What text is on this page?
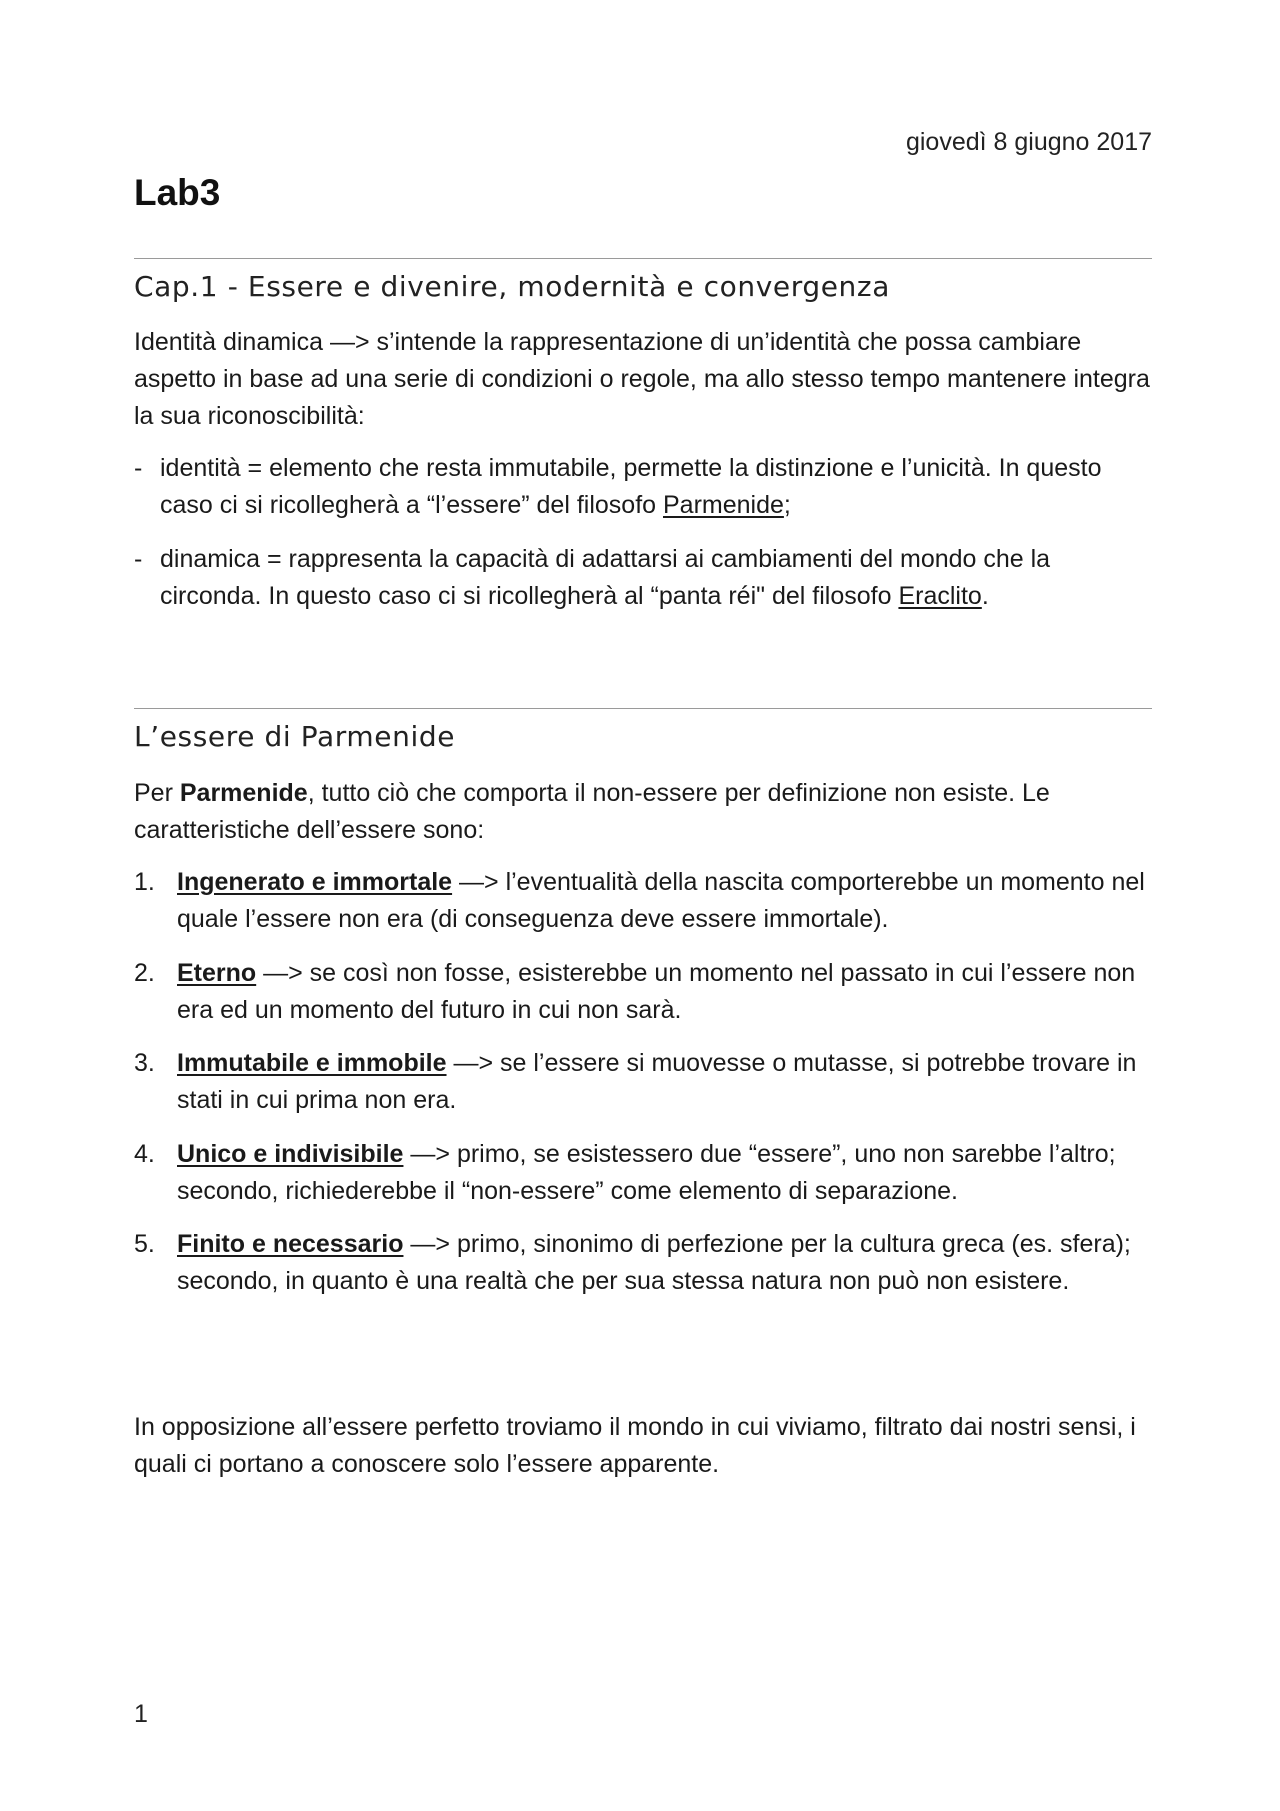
giovedì 8 giugno 2017
Lab3
Cap.1 - Essere e divenire, modernità e convergenza

Identità dinamica —> s’intende la rappresentazione di un’identità che possa cambiare aspetto in base ad una serie di condizioni o regole, ma allo stesso tempo mantenere integra la sua riconoscibilità:

- identità = elemento che resta immutabile, permette la distinzione e l’unicità. In questo caso ci si ricollegherà a “l’essere” del filosofo Parmenide;
- dinamica = rappresenta la capacità di adattarsi ai cambiamenti del mondo che la circonda. In questo caso ci si ricollegherà al “panta réi" del filosofo Eraclito.
L’essere di Parmenide

Per Parmenide, tutto ciò che comporta il non-essere per definizione non esiste. Le caratteristiche dell’essere sono:

1. Ingenerato e immortale —> l’eventualità della nascita comporterebbe un momento nel quale l’essere non era (di conseguenza deve essere immortale).
2. Eterno —> se così non fosse, esisterebbe un momento nel passato in cui l’essere non era ed un momento del futuro in cui non sarà.
3. Immutabile e immobile —> se l’essere si muovesse o mutasse, si potrebbe trovare in stati in cui prima non era.
4. Unico e indivisibile —> primo, se esistessero due “essere”, uno non sarebbe l’altro; secondo, richiederebbe il “non-essere” come elemento di separazione.
5. Finito e necessario —> primo, sinonimo di perfezione per la cultura greca (es. sfera); secondo, in quanto è una realtà che per sua stessa natura non può non esistere.

In opposizione all’essere perfetto troviamo il mondo in cui viviamo, filtrato dai nostri sensi, i quali ci portano a conoscere solo l’essere apparente.

1
